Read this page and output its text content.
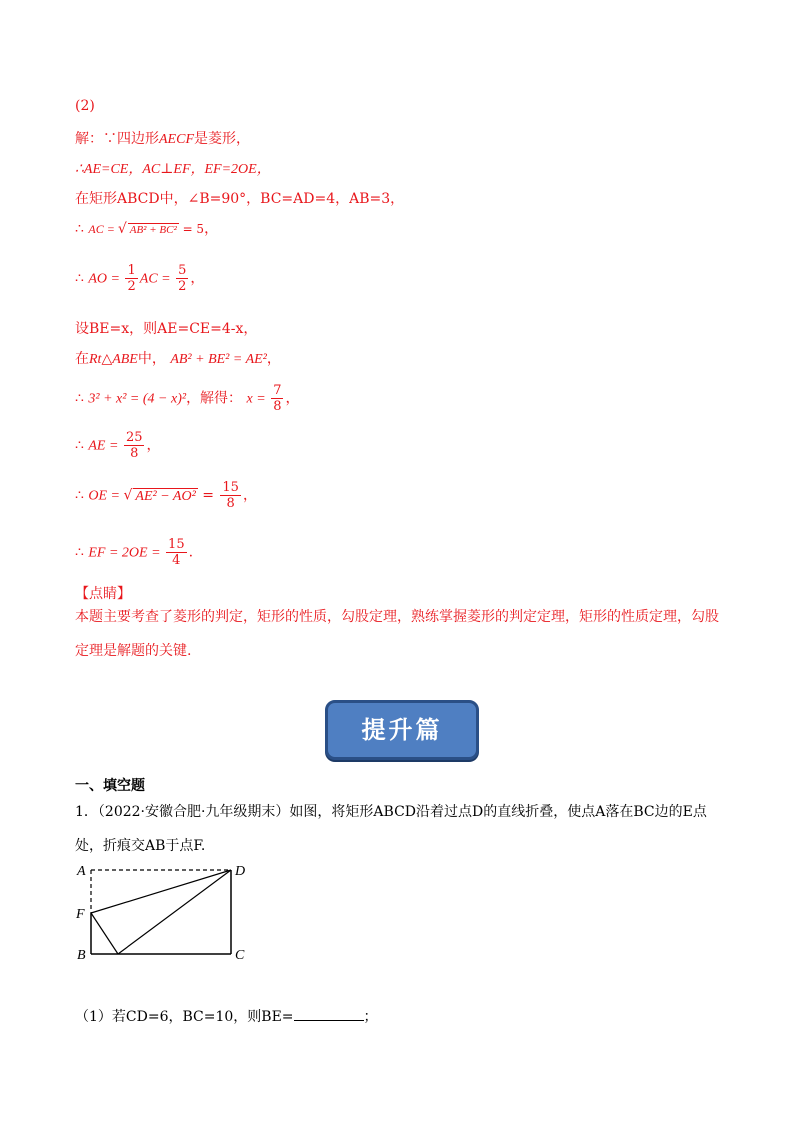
(2)
解：∵四边形AECF是菱形，
∴AE=CE，AC⊥EF，EF=2OE，
在矩形ABCD中，∠B=90°，BC=AD=4，AB=3，
∴ AC = √ AB² + BC² = 5，
∴ AO = $\frac{1}{2}$ AC = $\frac{5}{2}$ ，
设BE=x，则AE=CE=4-x，
在Rt△ABE中， AB² + BE² = AE²，
∴ 3² + x² = (4 − x)²，解得： $x = \frac{7}{8}$ ，
∴ AE = $\frac{25}{8}$ ，
∴ OE = √ $AE^2 - AO^2 = \frac{15}{8}$ ，
∴ EF = $2OE = \frac{15}{4}$ .
【点睛】
本题主要考查了菱形的判定，矩形的性质，勾股定理，熟练掌握菱形的判定定理，矩形的性质定理，勾股定理是解题的关键.
提升篇
一、填空题
1．（2022·安徽合肥·九年级期末）如图，将矩形ABCD沿着过点D的直线折叠，使点A落在BC边的E点处，折痕交AB于点F.
A	D
F
B	C
（1）若CD=6，BC=10，则BE=	；
